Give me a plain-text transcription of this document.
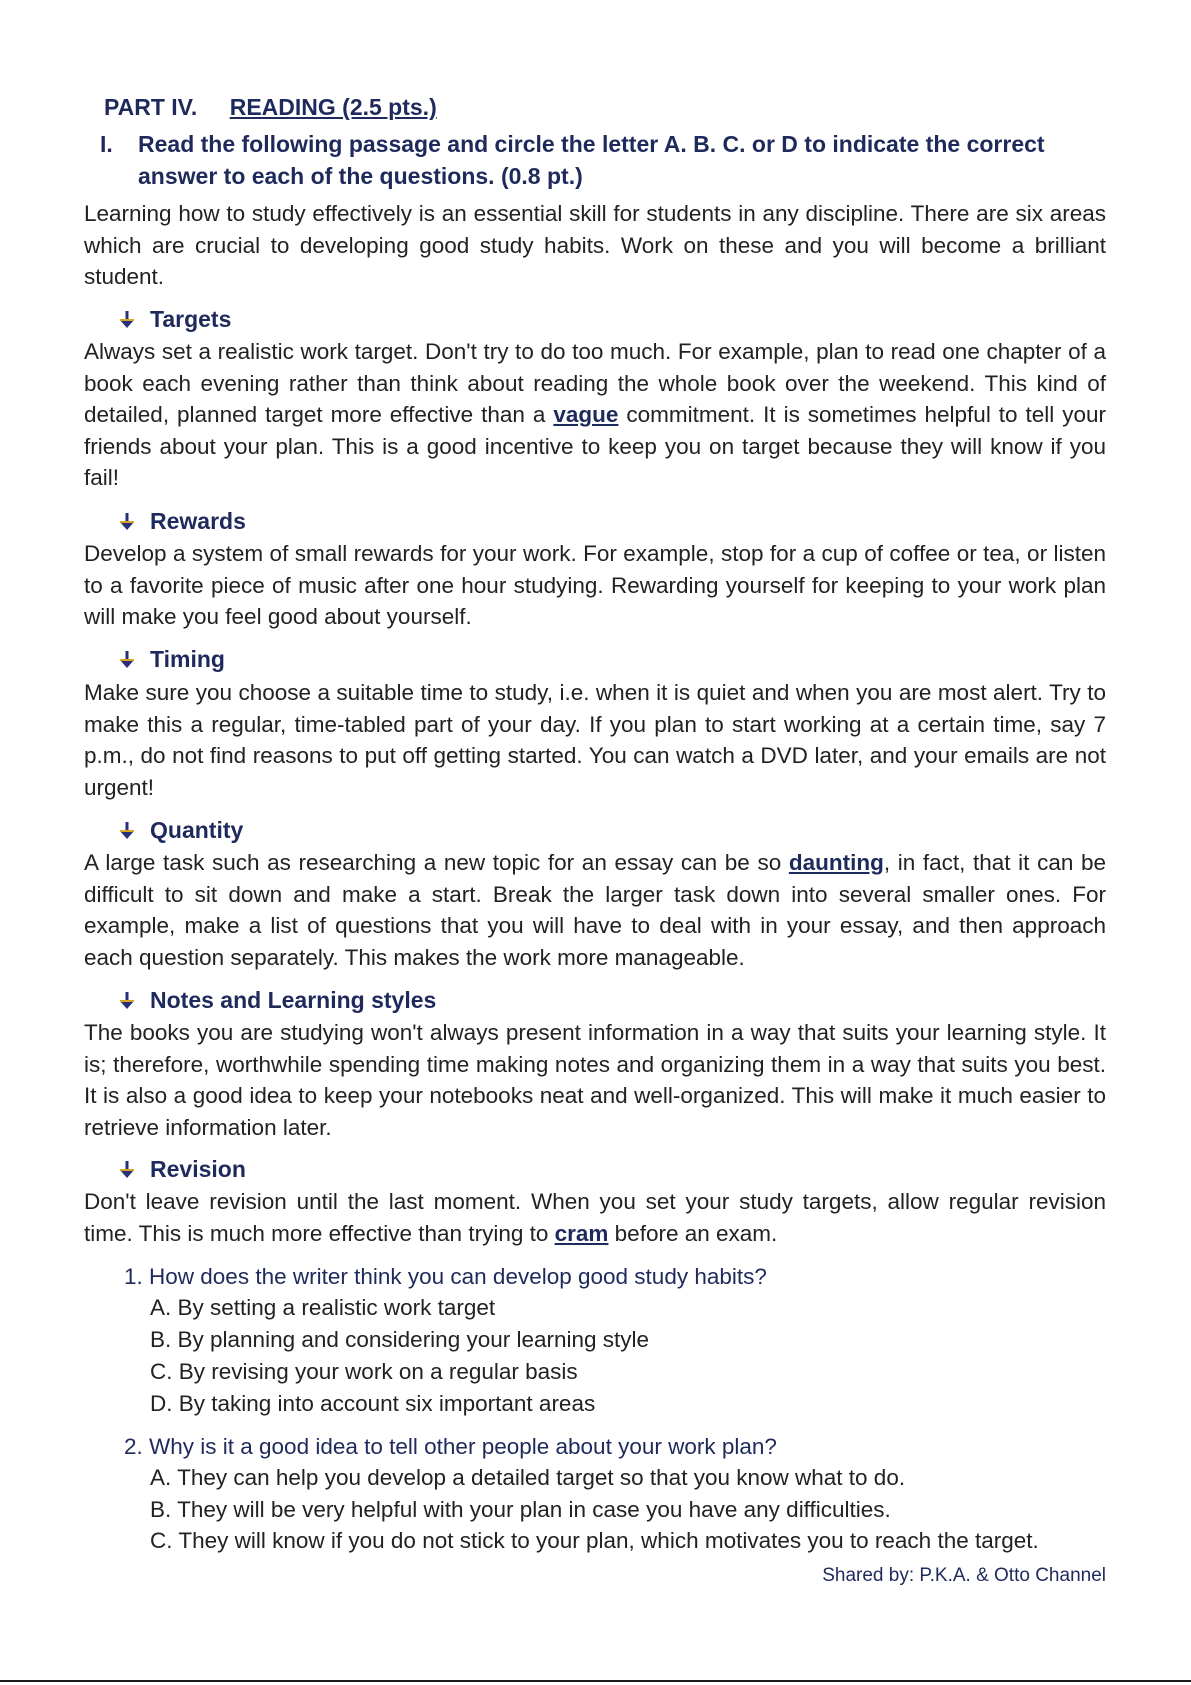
PART IV. READING (2.5 pts.)
I. Read the following passage and circle the letter A. B. C. or D to indicate the correct
answer to each of the questions. (0.8 pt.)
Learning how to study effectively is an essential skill for students in any discipline. There are six areas which are crucial to developing good study habits. Work on these and you will become a brilliant student.
Targets
Always set a realistic work target. Don't try to do too much. For example, plan to read one chapter of a book each evening rather than think about reading the whole book over the weekend. This kind of detailed, planned target more effective than a vague commitment. It is sometimes helpful to tell your friends about your plan. This is a good incentive to keep you on target because they will know if you fail!
Rewards
Develop a system of small rewards for your work. For example, stop for a cup of coffee or tea, or listen to a favorite piece of music after one hour studying. Rewarding yourself for keeping to your work plan will make you feel good about yourself.
Timing
Make sure you choose a suitable time to study, i.e. when it is quiet and when you are most alert. Try to make this a regular, time-tabled part of your day. If you plan to start working at a certain time, say 7 p.m., do not find reasons to put off getting started. You can watch a DVD later, and your emails are not urgent!
Quantity
A large task such as researching a new topic for an essay can be so daunting, in fact, that it can be difficult to sit down and make a start. Break the larger task down into several smaller ones. For example, make a list of questions that you will have to deal with in your essay, and then approach each question separately. This makes the work more manageable.
Notes and Learning styles
The books you are studying won't always present information in a way that suits your learning style. It is; therefore, worthwhile spending time making notes and organizing them in a way that suits you best. It is also a good idea to keep your notebooks neat and well-organized. This will make it much easier to retrieve information later.
Revision
Don't leave revision until the last moment. When you set your study targets, allow regular revision time. This is much more effective than trying to cram before an exam.
1. How does the writer think you can develop good study habits?
A. By setting a realistic work target
B. By planning and considering your learning style
C. By revising your work on a regular basis
D. By taking into account six important areas
2. Why is it a good idea to tell other people about your work plan?
A. They can help you develop a detailed target so that you know what to do.
B. They will be very helpful with your plan in case you have any difficulties.
C. They will know if you do not stick to your plan, which motivates you to reach the target.
Shared by: P.K.A. & Otto Channel
